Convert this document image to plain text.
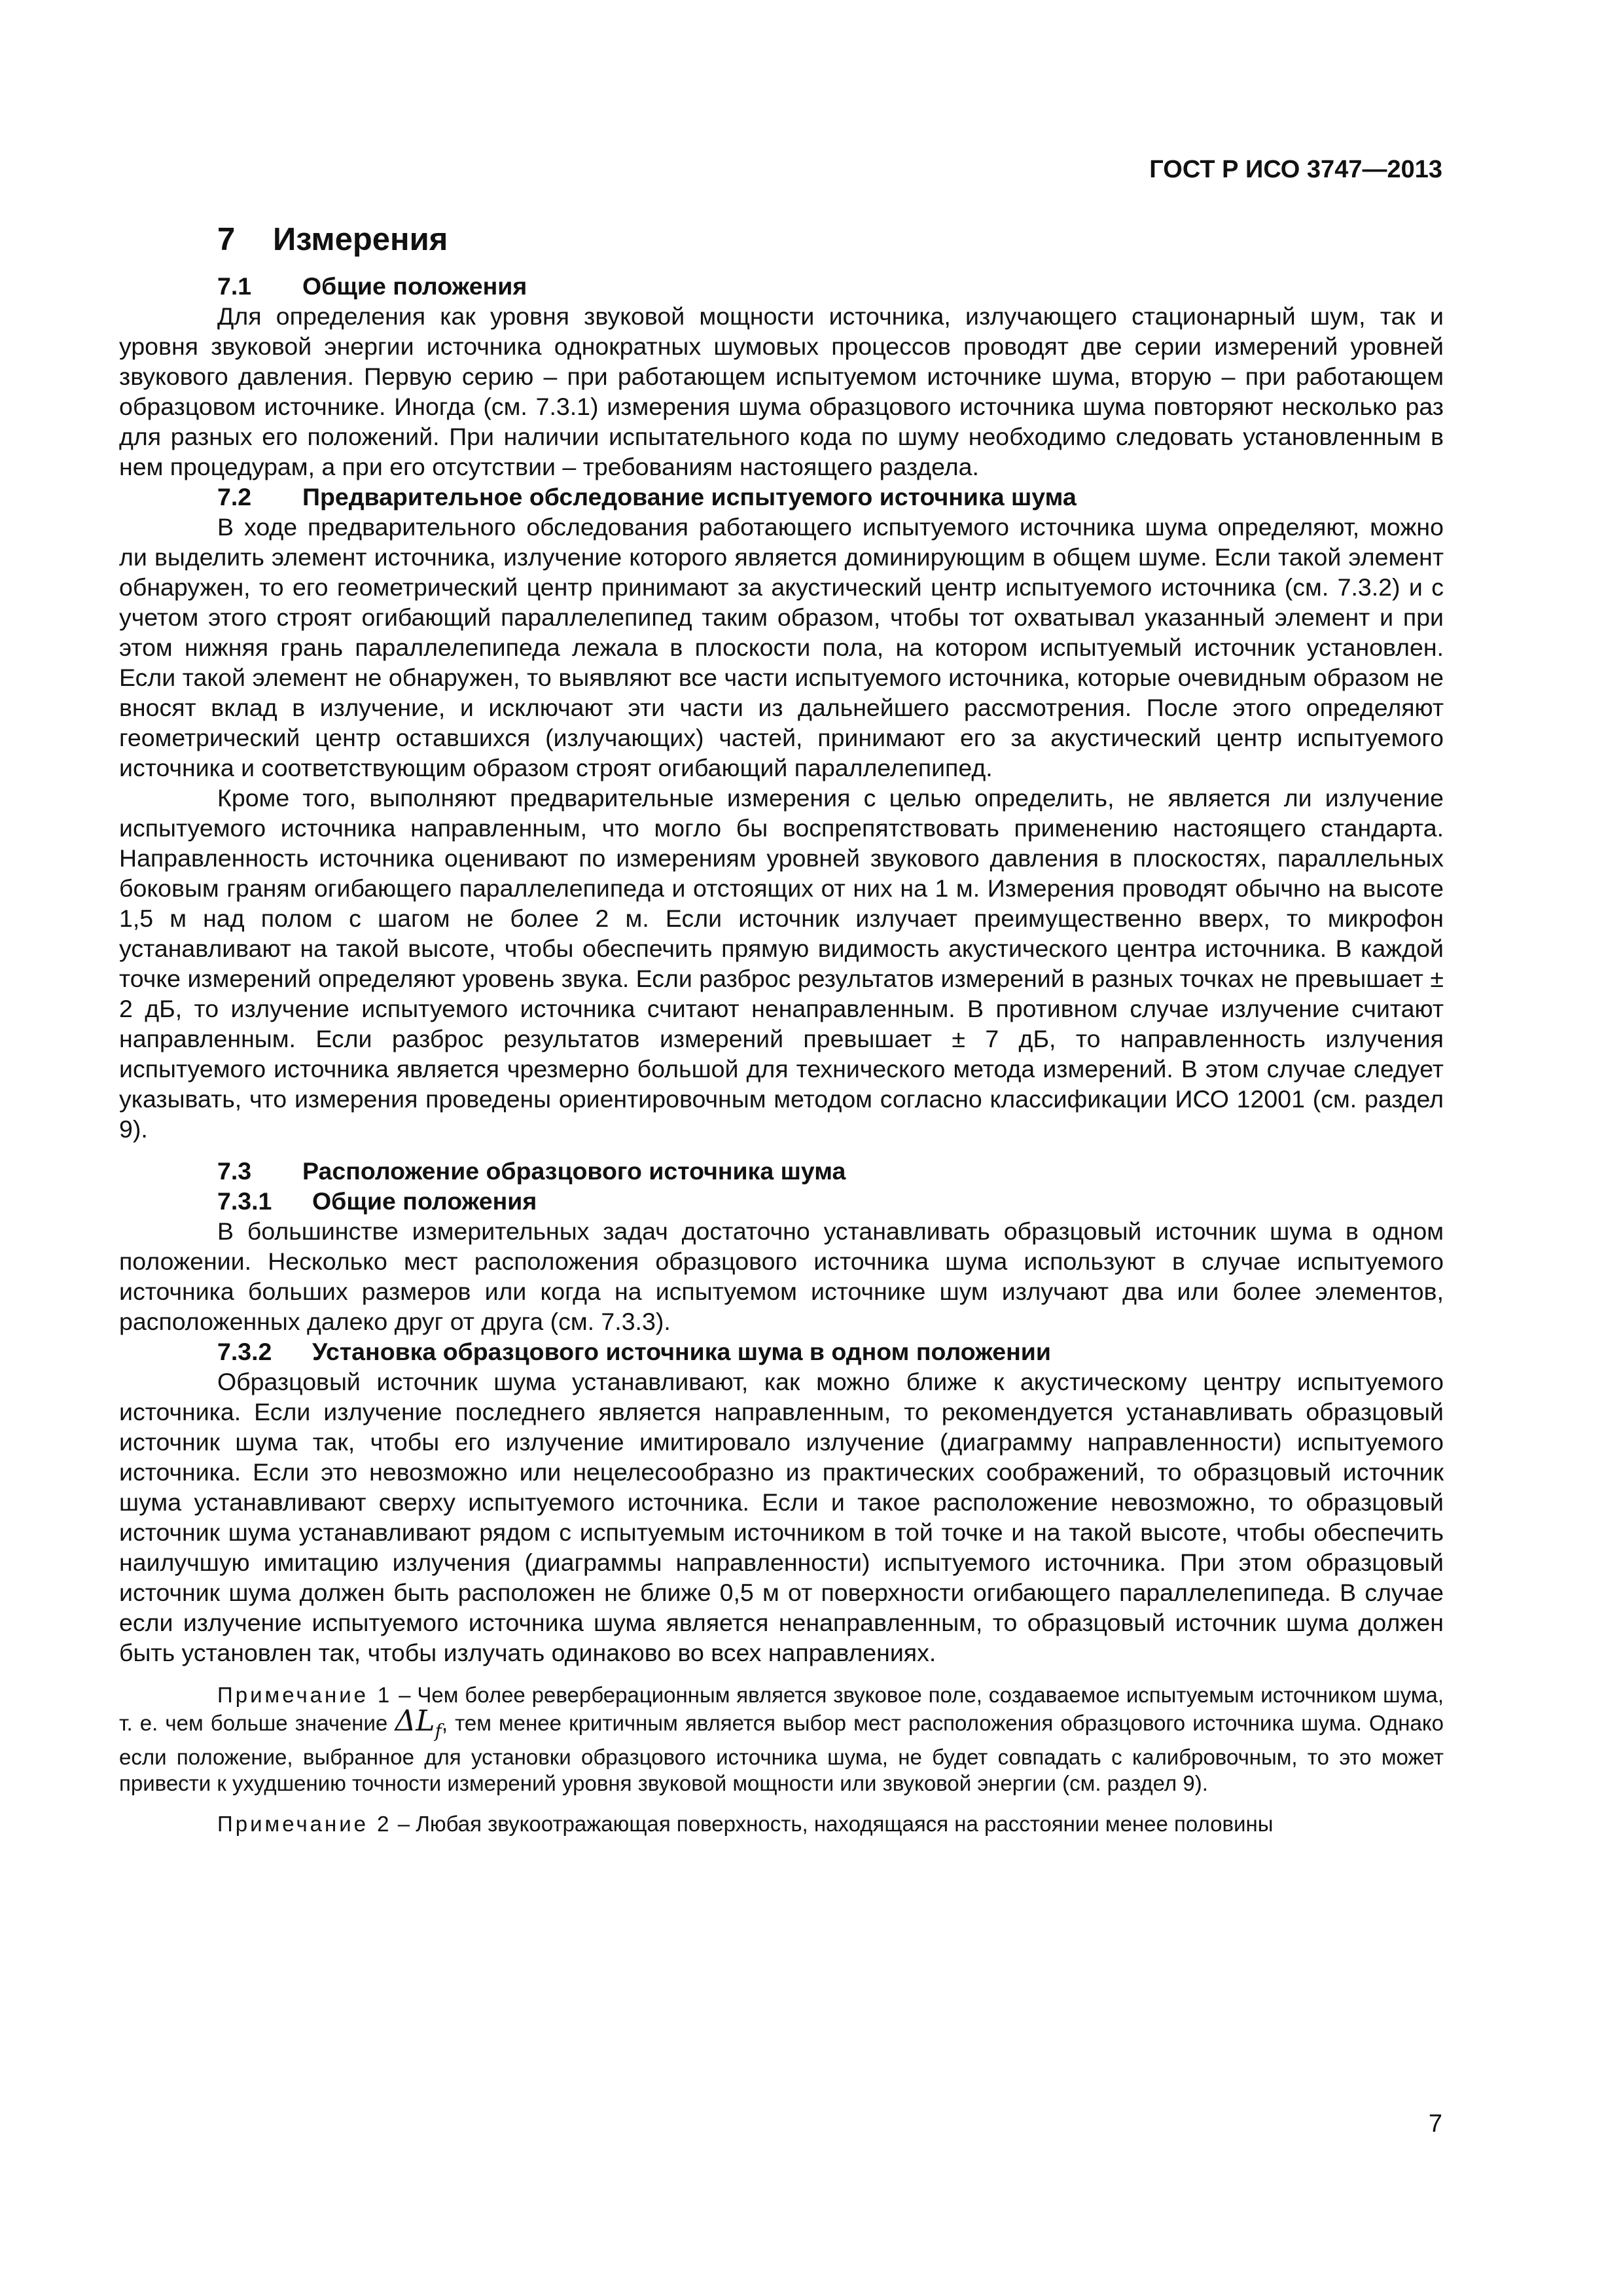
ГОСТ Р ИСО 3747—2013
7 Измерения
7.1 Общие положения

Для определения как уровня звуковой мощности источника, излучающего стационарный шум, так и уровня звуковой энергии источника однократных шумовых процессов проводят две серии измерений уровней звукового давления. Первую серию – при работающем испытуемом источнике шума, вторую – при работающем образцовом источнике. Иногда (см. 7.3.1) измерения шума образцового источника шума повторяют несколько раз для разных его положений. При наличии испытательного кода по шуму необходимо следовать установленным в нем процедурам, а при его отсутствии – требованиям настоящего раздела.

7.2 Предварительное обследование испытуемого источника шума

В ходе предварительного обследования работающего испытуемого источника шума определяют, можно ли выделить элемент источника, излучение которого является доминирующим в общем шуме. Если такой элемент обнаружен, то его геометрический центр принимают за акустический центр испытуемого источника (см. 7.3.2) и с учетом этого строят огибающий параллелепипед таким образом, чтобы тот охватывал указанный элемент и при этом нижняя грань параллелепипеда лежала в плоскости пола, на котором испытуемый источник установлен. Если такой элемент не обнаружен, то выявляют все части испытуемого источника, которые очевидным образом не вносят вклад в излучение, и исключают эти части из дальнейшего рассмотрения. После этого определяют геометрический центр оставшихся (излучающих) частей, принимают его за акустический центр испытуемого источника и соответствующим образом строят огибающий параллелепипед.

Кроме того, выполняют предварительные измерения с целью определить, не является ли излучение испытуемого источника направленным, что могло бы воспрепятствовать применению настоящего стандарта. Направленность источника оценивают по измерениям уровней звукового давления в плоскостях, параллельных боковым граням огибающего параллелепипеда и отстоящих от них на 1 м. Измерения проводят обычно на высоте 1,5 м над полом с шагом не более 2 м. Если источник излучает преимущественно вверх, то микрофон устанавливают на такой высоте, чтобы обеспечить прямую видимость акустического центра источника. В каждой точке измерений определяют уровень звука. Если разброс результатов измерений в разных точках не превышает ± 2 дБ, то излучение испытуемого источника считают ненаправленным. В противном случае излучение считают направленным. Если разброс результатов измерений превышает ± 7 дБ, то направленность излучения испытуемого источника является чрезмерно большой для технического метода измерений. В этом случае следует указывать, что измерения проведены ориентировочным методом согласно классификации ИСО 12001 (см. раздел 9).

7.3 Расположение образцового источника шума
7.3.1 Общие положения

В большинстве измерительных задач достаточно устанавливать образцовый источник шума в одном положении. Несколько мест расположения образцового источника шума используют в случае испытуемого источника больших размеров или когда на испытуемом источнике шум излучают два или более элементов, расположенных далеко друг от друга (см. 7.3.3).

7.3.2 Установка образцового источника шума в одном положении

Образцовый источник шума устанавливают, как можно ближе к акустическому центру испытуемого источника. Если излучение последнего является направленным, то рекомендуется устанавливать образцовый источник шума так, чтобы его излучение имитировало излучение (диаграмму направленности) испытуемого источника. Если это невозможно или нецелесообразно из практических соображений, то образцовый источник шума устанавливают сверху испытуемого источника. Если и такое расположение невозможно, то образцовый источник шума устанавливают рядом с испытуемым источником в той точке и на такой высоте, чтобы обеспечить наилучшую имитацию излучения (диаграммы направленности) испытуемого источника. При этом образцовый источник шума должен быть расположен не ближе 0,5 м от поверхности огибающего параллелепипеда. В случае если излучение испытуемого источника шума является ненаправленным, то образцовый источник шума должен быть установлен так, чтобы излучать одинаково во всех направлениях.

Примечание 1 – Чем более реверберационным является звуковое поле, создаваемое испытуемым источником шума, т. е. чем больше значение $\Delta L_f$, тем менее критичным является выбор мест расположения образцового источника шума. Однако если положение, выбранное для установки образцового источника шума, не будет совпадать с калибровочным, то это может привести к ухудшению точности измерений уровня звуковой мощности или звуковой энергии (см. раздел 9).
Примечание 2 – Любая звукоотражающая поверхность, находящаяся на расстоянии менее половины
7
